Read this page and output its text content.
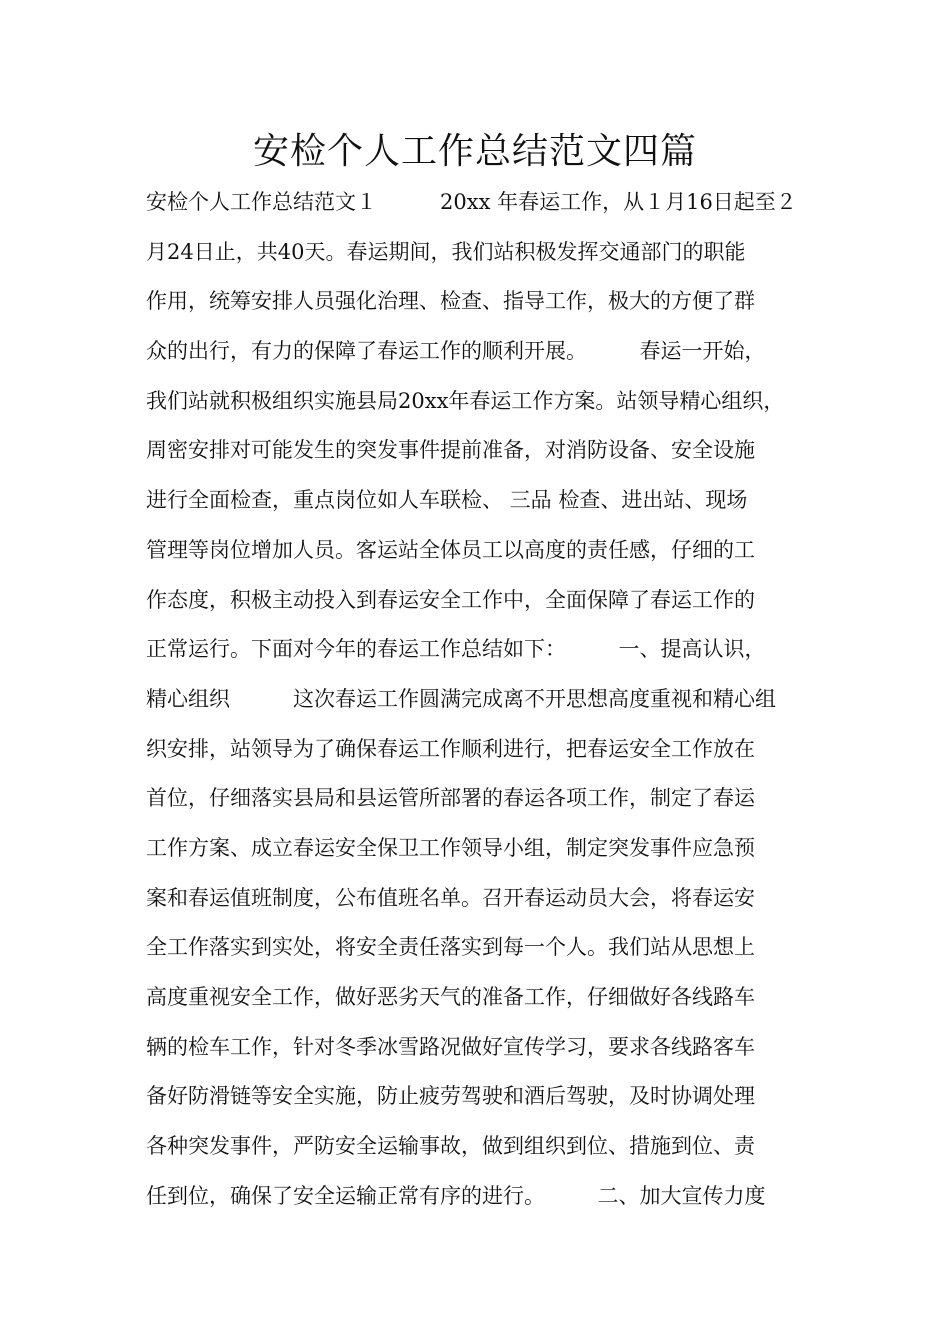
安检个人工作总结范文四篇
安检个人工作总结范文１　　　20xx 年春运工作，从１月16日起至２
月24日止，共40天。春运期间，我们站积极发挥交通部门的职能
作用，统筹安排人员强化治理、检查、指导工作，极大的方便了群
众的出行，有力的保障了春运工作的顺利开展。　　　春运一开始，
我们站就积极组织实施县局20xx年春运工作方案。站领导精心组织，
周密安排对可能发生的突发事件提前准备，对消防设备、安全设施
进行全面检查，重点岗位如人车联检、 三品 检查、进出站、现场
管理等岗位增加人员。客运站全体员工以高度的责任感，仔细的工
作态度，积极主动投入到春运安全工作中，全面保障了春运工作的
正常运行。下面对今年的春运工作总结如下：　　　一、提高认识，
精心组织　　　这次春运工作圆满完成离不开思想高度重视和精心组
织安排，站领导为了确保春运工作顺利进行，把春运安全工作放在
首位，仔细落实县局和县运管所部署的春运各项工作，制定了春运
工作方案、成立春运安全保卫工作领导小组，制定突发事件应急预
案和春运值班制度，公布值班名单。召开春运动员大会，将春运安
全工作落实到实处，将安全责任落实到每一个人。我们站从思想上
高度重视安全工作，做好恶劣天气的准备工作，仔细做好各线路车
辆的检车工作，针对冬季冰雪路况做好宣传学习，要求各线路客车
备好防滑链等安全实施，防止疲劳驾驶和酒后驾驶，及时协调处理
各种突发事件，严防安全运输事故，做到组织到位、措施到位、责
任到位，确保了安全运输正常有序的进行。　　　二、加大宣传力度
